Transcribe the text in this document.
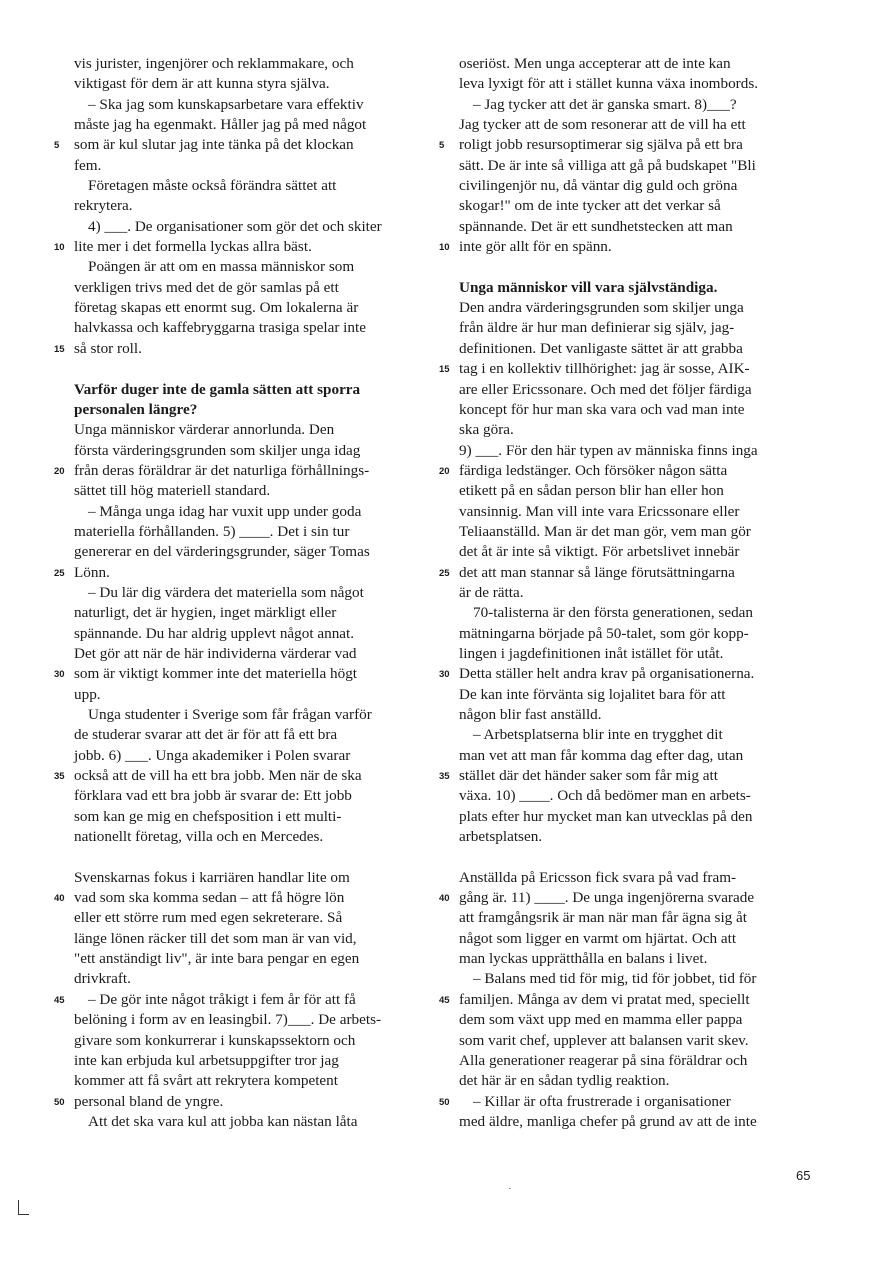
vis jurister, ingenjörer och reklammakare, och
viktigast för dem är att kunna styra själva.
– Ska jag som kunskapsarbetare vara effektiv
måste jag ha egenmakt. Håller jag på med något
5 som är kul slutar jag inte tänka på det klockan
fem.
Företagen måste också förändra sättet att
rekrytera.
4) ___. De organisationer som gör det och skiter
10 lite mer i det formella lyckas allra bäst.
Poängen är att om en massa människor som
verkligen trivs med det de gör samlas på ett
företag skapas ett enormt sug. Om lokalerna är
halvkassa och kaffebryggarna trasiga spelar inte
15 så stor roll.
Varför duger inte de gamla sätten att sporra
personalen längre?
Unga människor värderar annorlunda. Den
första värderingsgrunden som skiljer unga idag
20 från deras föräldrar är det naturliga förhållnings-
sättet till hög materiell standard.
– Många unga idag har vuxit upp under goda
materiella förhållanden. 5) ____. Det i sin tur
genererar en del värderingsgrunder, säger Tomas
25 Lönn.
– Du lär dig värdera det materiella som något
naturligt, det är hygien, inget märkligt eller
spännande. Du har aldrig upplevt något annat.
Det gör att när de här individerna värderar vad
30 som är viktigt kommer inte det materiella högt
upp.
Unga studenter i Sverige som får frågan varför
de studerar svarar att det är för att få ett bra
jobb. 6) ___. Unga akademiker i Polen svarar
35 också att de vill ha ett bra jobb. Men när de ska
förklara vad ett bra jobb är svarar de: Ett jobb
som kan ge mig en chefsposition i ett multi-
nationellt företag, villa och en Mercedes.
Svenskarnas fokus i karriären handlar lite om
40 vad som ska komma sedan – att få högre lön
eller ett större rum med egen sekreterare. Så
länge lönen räcker till det som man är van vid,
"ett anständigt liv", är inte bara pengar en egen
drivkraft.
45 – De gör inte något tråkigt i fem år för att få
belöning i form av en leasingbil. 7)___. De arbets-
givare som konkurrerar i kunskapssektorn och
inte kan erbjuda kul arbetsuppgifter tror jag
kommer att få svårt att rekrytera kompetent
50 personal bland de yngre.
Att det ska vara kul att jobba kan nästan låta
oseriöst. Men unga accepterar att de inte kan
leva lyxigt för att i stället kunna växa inombords.
– Jag tycker att det är ganska smart. 8)___?
Jag tycker att de som resonerar att de vill ha ett
5 roligt jobb resursoptimerar sig själva på ett bra
sätt. De är inte så villiga att gå på budskapet "Bli
civilingenjör nu, då väntar dig guld och gröna
skogar!" om de inte tycker att det verkar så
spännande. Det är ett sundhetstecken att man
10 inte gör allt för en spänn.
Unga människor vill vara självständiga.
Den andra värderingsgrunden som skiljer unga
från äldre är hur man definierar sig själv, jag-
definitionen. Det vanligaste sättet är att grabba
15 tag i en kollektiv tillhörighet: jag är sosse, AIK-
are eller Ericssonare. Och med det följer färdiga
koncept för hur man ska vara och vad man inte
ska göra.
9) ___. För den här typen av människa finns inga
20 färdiga ledstänger. Och försöker någon sätta
etikett på en sådan person blir han eller hon
vansinnig. Man vill inte vara Ericssonare eller
Teliaanställd. Man är det man gör, vem man gör
det åt är inte så viktigt. För arbetslivet innebär
25 det att man stannar så länge förutsättningarna
är de rätta.
70-talisterna är den första generationen, sedan
mätningarna började på 50-talet, som gör kopp-
lingen i jagdefinitionen inåt istället för utåt.
30 Detta ställer helt andra krav på organisationerna.
De kan inte förvänta sig lojalitet bara för att
någon blir fast anställd.
– Arbetsplatserna blir inte en trygghet dit
man vet att man får komma dag efter dag, utan
35 stället där det händer saker som får mig att
växa. 10) ____. Och då bedömer man en arbets-
plats efter hur mycket man kan utvecklas på den
arbetsplatsen.
Anställda på Ericsson fick svara på vad fram-
40 gång är. 11) ____. De unga ingenjörerna svarade
att framgångsrik är man när man får ägna sig åt
något som ligger en varmt om hjärtat. Och att
man lyckas upprätthålla en balans i livet.
– Balans med tid för mig, tid för jobbet, tid för
45 familjen. Många av dem vi pratat med, speciellt
dem som växt upp med en mamma eller pappa
som varit chef, upplever att balansen varit skev.
Alla generationer reagerar på sina föräldrar och
det här är en sådan tydlig reaktion.
50 – Killar är ofta frustrerade i organisationer
med äldre, manliga chefer på grund av att de inte
65
·
